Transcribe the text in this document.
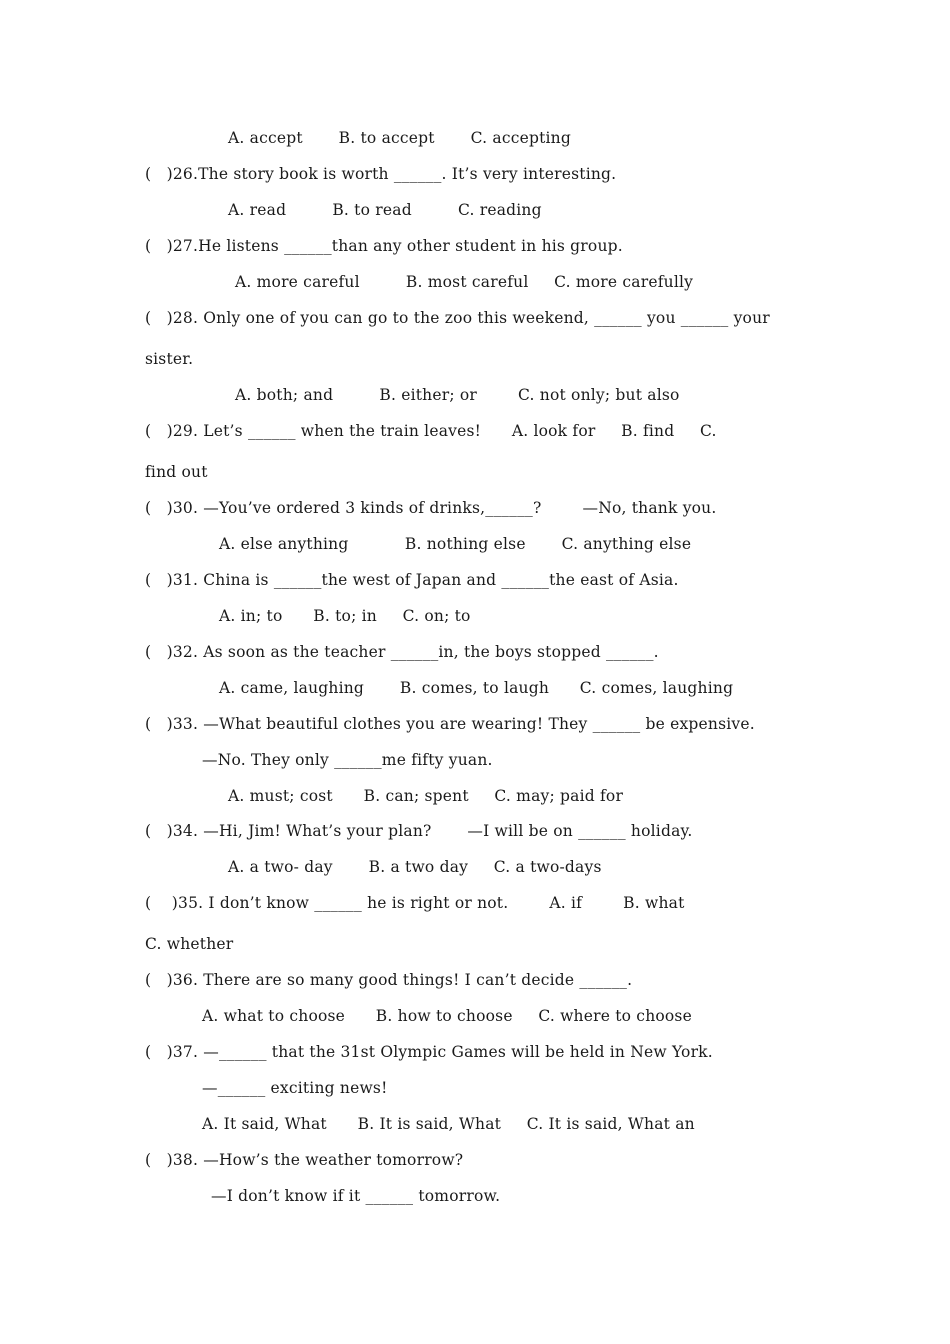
A. accept       B. to accept       C. accepting
(   )26.The story book is worth ______. It’s very interesting.
A. read         B. to read         C. reading
(   )27.He listens ______than any other student in his group.
A. more careful         B. most careful     C. more carefully
(   )28. Only one of you can go to the zoo this weekend, ______ you ______ your
sister.
A. both; and         B. either; or        C. not only; but also
(   )29. Let’s ______ when the train leaves!      A. look for     B. find     C.
find out
(   )30. —You’ve ordered 3 kinds of drinks,______?        —No, thank you.
A. else anything           B. nothing else       C. anything else
(   )31. China is ______the west of Japan and ______the east of Asia.
A. in; to      B. to; in     C. on; to
(   )32. As soon as the teacher ______in, the boys stopped ______.
A. came, laughing       B. comes, to laugh      C. comes, laughing
(   )33. —What beautiful clothes you are wearing! They ______ be expensive.
—No. They only ______me fifty yuan.
A. must; cost      B. can; spent     C. may; paid for
(   )34. —Hi, Jim! What’s your plan?       —I will be on ______ holiday.
A. a two- day       B. a two day     C. a two-days
(    )35. I don’t know ______ he is right or not.        A. if        B. what
C. whether
(   )36. There are so many good things! I can’t decide ______.
A. what to choose      B. how to choose     C. where to choose
(   )37. —______ that the 31st Olympic Games will be held in New York.
—______ exciting news!
A. It said, What      B. It is said, What     C. It is said, What an
(   )38. —How’s the weather tomorrow?
—I don’t know if it ______ tomorrow.
